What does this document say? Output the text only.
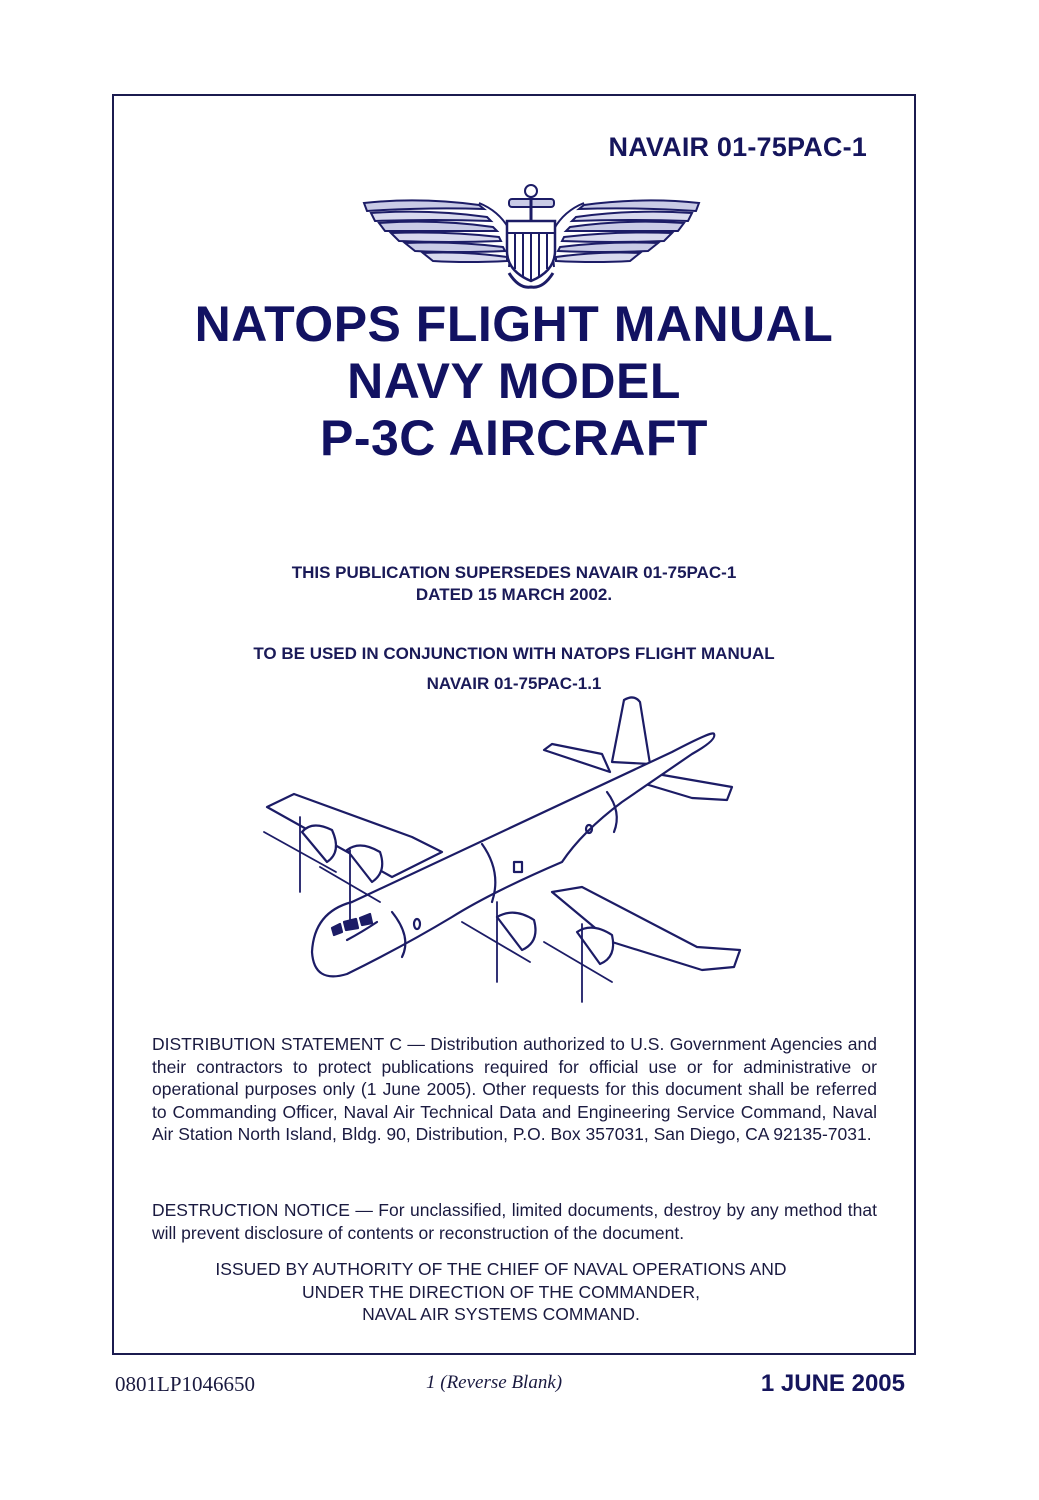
NAVAIR 01-75PAC-1
NATOPS FLIGHT MANUAL
NAVY MODEL
P-3C AIRCRAFT
THIS PUBLICATION SUPERSEDES NAVAIR 01-75PAC-1
DATED 15 MARCH 2002.
TO BE USED IN CONJUNCTION WITH NATOPS FLIGHT MANUAL
NAVAIR 01-75PAC-1.1
DISTRIBUTION STATEMENT C — Distribution authorized to U.S. Government Agencies and their contractors to protect publications required for official use or for administrative or operational purposes only (1 June 2005). Other requests for this document shall be referred to Commanding Officer, Naval Air Technical Data and Engineering Service Command, Naval Air Station North Island, Bldg. 90, Distribution, P.O. Box 357031, San Diego, CA 92135-7031.
DESTRUCTION NOTICE — For unclassified, limited documents, destroy by any method that will prevent disclosure of contents or reconstruction of the document.
ISSUED BY AUTHORITY OF THE CHIEF OF NAVAL OPERATIONS AND
UNDER THE DIRECTION OF THE COMMANDER,
NAVAL AIR SYSTEMS COMMAND.
0801LP1046650	1 (Reverse Blank)	1 JUNE 2005
